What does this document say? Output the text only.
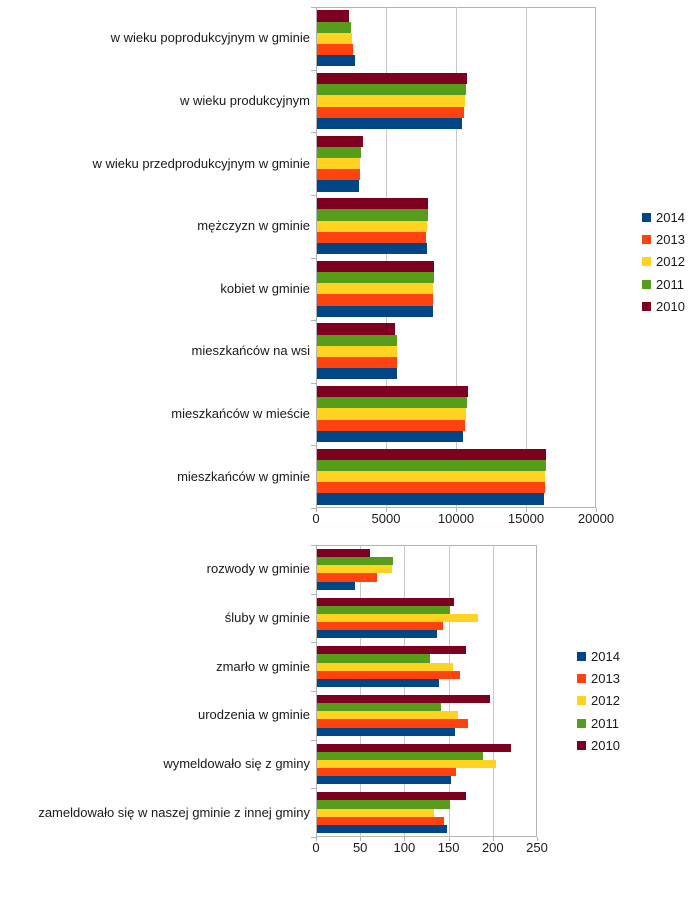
w wieku poprodukcyjnym w gminie
w wieku produkcyjnym
w wieku przedprodukcyjnym w gminie
mężczyzn w gminie
kobiet w gminie
mieszkańców na wsi
mieszkańców w mieście
mieszkańców w gminie
0	5000	10000	15000	20000
2014
2013
2012
2011
2010
rozwody w gminie
śluby w gminie
zmarło w gminie
urodzenia w gminie
wymeldowało się z gminy
zameldowało się w naszej gminie z innej gminy
0	50	100	150	200	250
2014
2013
2012
2011
2010
